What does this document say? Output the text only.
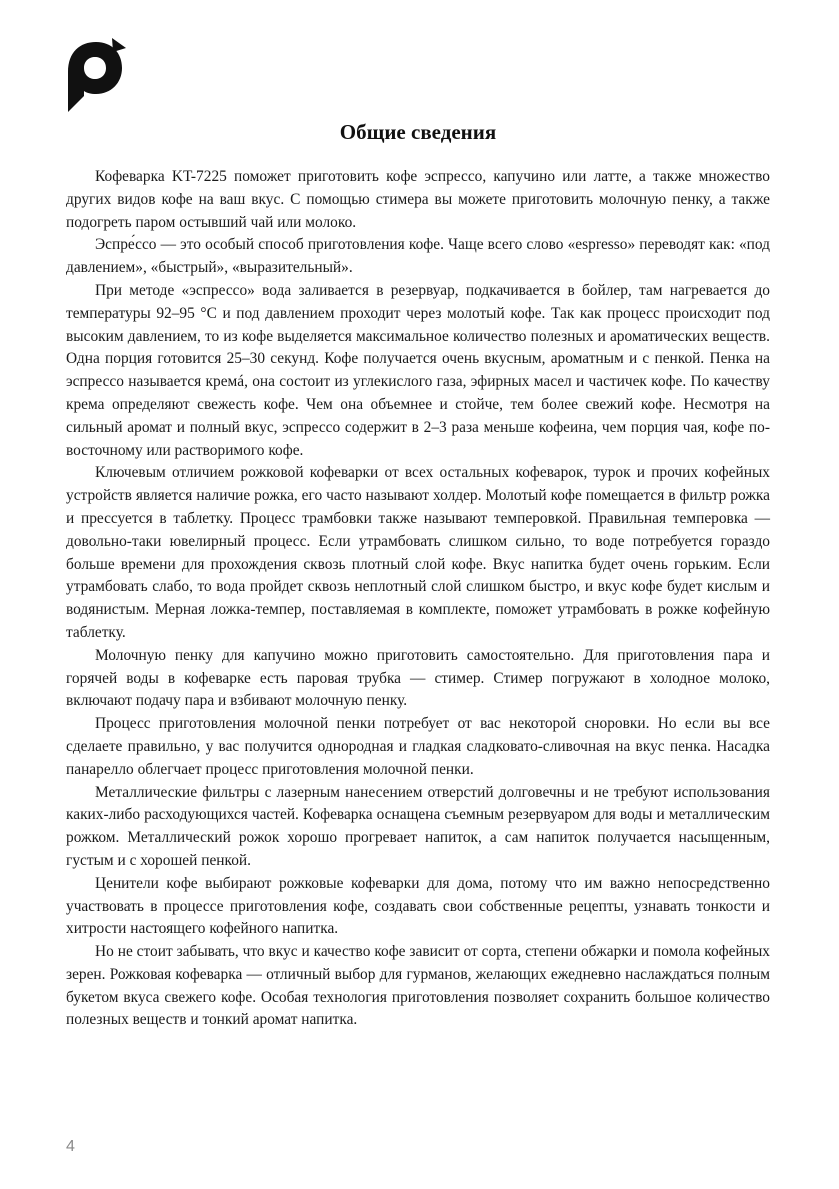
Общие сведения

Кофеварка KT-7225 поможет приготовить кофе эспрессо, капучино или латте, а также множество других видов кофе на ваш вкус. С помощью стимера вы можете приготовить молочную пенку, а также подогреть паром остывший чай или молоко.

Эспре́ссо — это особый способ приготовления кофе. Чаще всего слово «espresso» переводят как: «под давлением», «быстрый», «выразительный».

При методе «эспрессо» вода заливается в резервуар, подкачивается в бойлер, там нагревается до температуры 92–95 °C и под давлением проходит через молотый кофе. Так как процесс происходит под высоким давлением, то из кофе выделяется максимальное количество полезных и ароматических веществ. Одна порция готовится 25–30 секунд. Кофе получается очень вкусным, ароматным и с пенкой. Пенка на эспрессо называется кремá, она состоит из углекислого газа, эфирных масел и частичек кофе. По качеству крема определяют свежесть кофе. Чем она объемнее и стойче, тем более свежий кофе. Несмотря на сильный аромат и полный вкус, эспрессо содержит в 2–3 раза меньше кофеина, чем порция чая, кофе по-восточному или растворимого кофе.

Ключевым отличием рожковой кофеварки от всех остальных кофеварок, турок и прочих кофейных устройств является наличие рожка, его часто называют холдер. Молотый кофе помещается в фильтр рожка и прессуется в таблетку. Процесс трамбовки также называют темперовкой. Правильная темперовка — довольно-таки ювелирный процесс. Если утрамбовать слишком сильно, то воде потребуется гораздо больше времени для прохождения сквозь плотный слой кофе. Вкус напитка будет очень горьким. Если утрамбовать слабо, то вода пройдет сквозь неплотный слой слишком быстро, и вкус кофе будет кислым и водянистым. Мерная ложка-темпер, поставляемая в комплекте, поможет утрамбовать в рожке кофейную таблетку.

Молочную пенку для капучино можно приготовить самостоятельно. Для приготовления пара и горячей воды в кофеварке есть паровая трубка — стимер. Стимер погружают в холодное молоко, включают подачу пара и взбивают молочную пенку.

Процесс приготовления молочной пенки потребует от вас некоторой сноровки. Но если вы все сделаете правильно, у вас получится однородная и гладкая сладковато-сливочная на вкус пенка. Насадка панарелло облегчает процесс приготовления молочной пенки.

Металлические фильтры с лазерным нанесением отверстий долговечны и не требуют использования каких-либо расходующихся частей. Кофеварка оснащена съемным резервуаром для воды и металлическим рожком. Металлический рожок хорошо прогревает напиток, а сам напиток получается насыщенным, густым и с хорошей пенкой.

Ценители кофе выбирают рожковые кофеварки для дома, потому что им важно непосредственно участвовать в процессе приготовления кофе, создавать свои собственные рецепты, узнавать тонкости и хитрости настоящего кофейного напитка.

Но не стоит забывать, что вкус и качество кофе зависит от сорта, степени обжарки и помола кофейных зерен. Рожковая кофеварка — отличный выбор для гурманов, желающих ежедневно наслаждаться полным букетом вкуса свежего кофе. Особая технология приготовления позволяет сохранить большое количество полезных веществ и тонкий аромат напитка.

4
